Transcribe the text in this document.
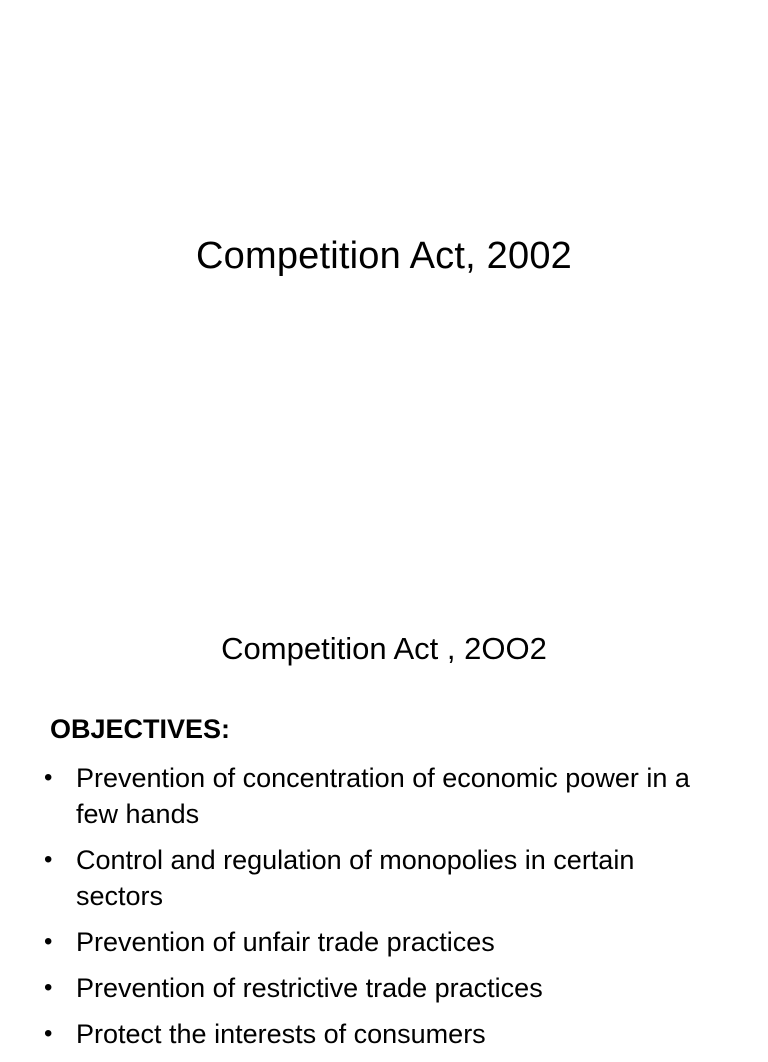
Competition Act, 2002
Competition Act , 2OO2
OBJECTIVES:
• Prevention of concentration of economic power in a few hands
• Control and regulation of monopolies in certain sectors
• Prevention of unfair trade practices
• Prevention of restrictive trade practices
• Protect the interests of consumers
